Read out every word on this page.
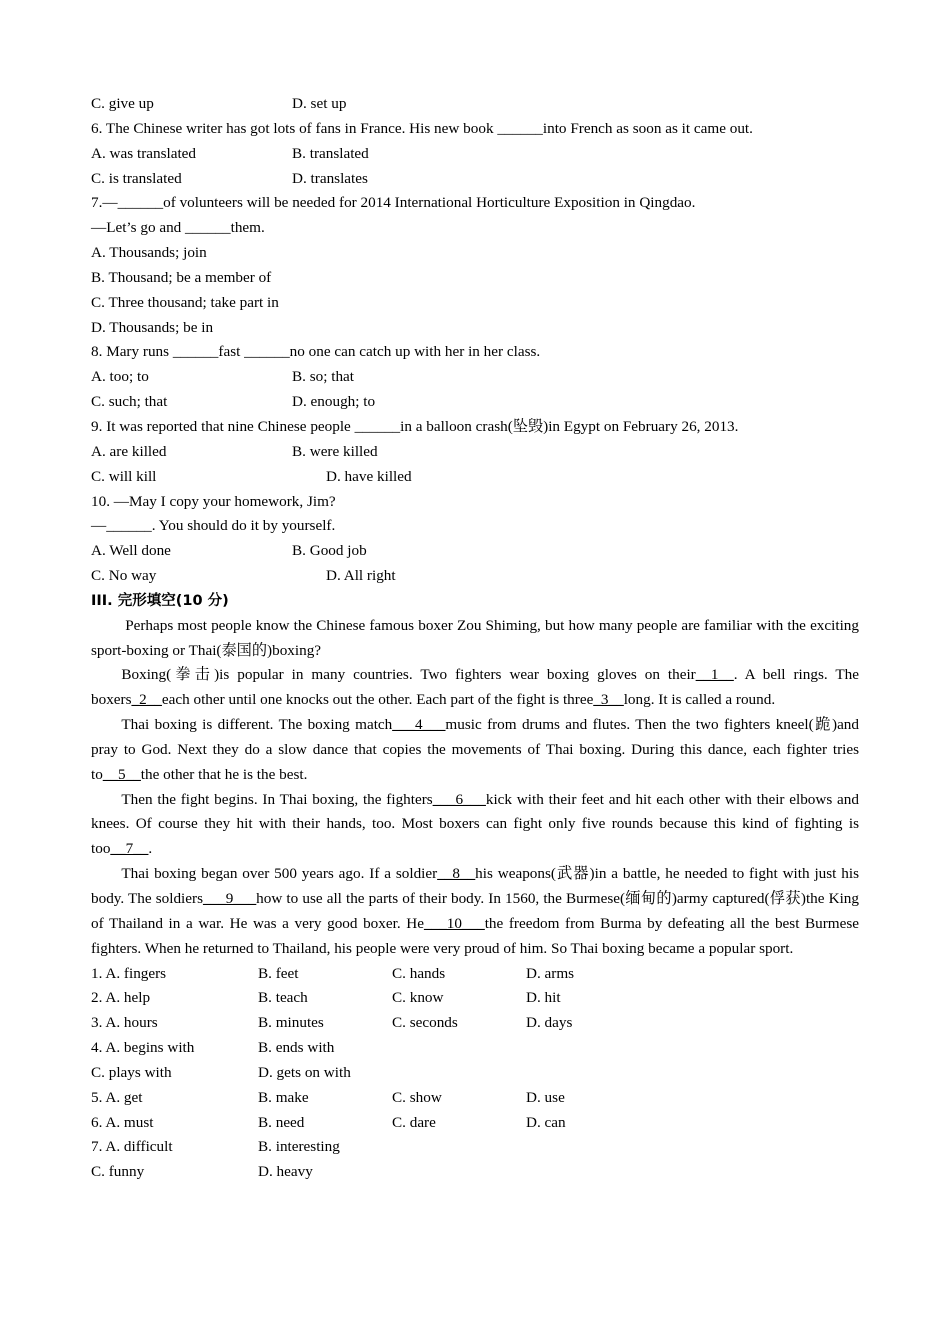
C. give up	D. set up
6. The Chinese writer has got lots of fans in France. His new book ______into French as soon as it came out.
A. was translated	B. translated
C. is translated	D. translates
7.—______of volunteers will be needed for 2014 International Horticulture Exposition in Qingdao.
—Let’s go and ______them.
A. Thousands; join
B. Thousand; be a member of
C. Three thousand; take part in
D. Thousands; be in
8. Mary runs ______fast ______no one can catch up with her in her class.
A. too; to	B. so; that
C. such; that	D. enough; to
9. It was reported that nine Chinese people ______in a balloon crash(坠毁)in Egypt on February 26, 2013.
A. are killed	B. were killed
C. will kill	D. have killed
10. —May I copy your homework, Jim?
—______. You should do it by yourself.
A. Well done	B. Good job
C. No way	D. All right
III. 完形填空(10 分)
Perhaps most people know the Chinese famous boxer Zou Shiming, but how many people are familiar with the exciting sport-boxing or Thai(泰国的)boxing?
Boxing(拳击)is popular in many countries. Two fighters wear boxing gloves on their__1__. A bell rings. The boxers_2__each other until one knocks out the other. Each part of the fight is three_3__long. It is called a round.
Thai boxing is different. The boxing match___4___music from drums and flutes. Then the two fighters kneel(跪)and pray to God. Next they do a slow dance that copies the movements of Thai boxing. During this dance, each fighter tries to__5__the other that he is the best.
Then the fight begins. In Thai boxing, the fighters___6___kick with their feet and hit each other with their elbows and knees. Of course they hit with their hands, too. Most boxers can fight only five rounds because this kind of fighting is too__7__.
Thai boxing began over 500 years ago. If a soldier__8__his weapons(武器)in a battle, he needed to fight with just his body. The soldiers___9___how to use all the parts of their body. In 1560, the Burmese(缅甸的)army captured(俘获)the King of Thailand in a war. He was a very good boxer. He___10___the freedom from Burma by defeating all the best Burmese fighters. When he returned to Thailand, his people were very proud of him. So Thai boxing became a popular sport.
1. A. fingers	B. feet	C. hands	D. arms
2. A. help	B. teach	C. know	D. hit
3. A. hours	B. minutes	C. seconds	D. days
4. A. begins with	B. ends with
C. plays with	D. gets on with
5. A. get	B. make	C. show	D. use
6. A. must	B. need	C. dare	D. can
7. A. difficult	B. interesting
C. funny	D. heavy
